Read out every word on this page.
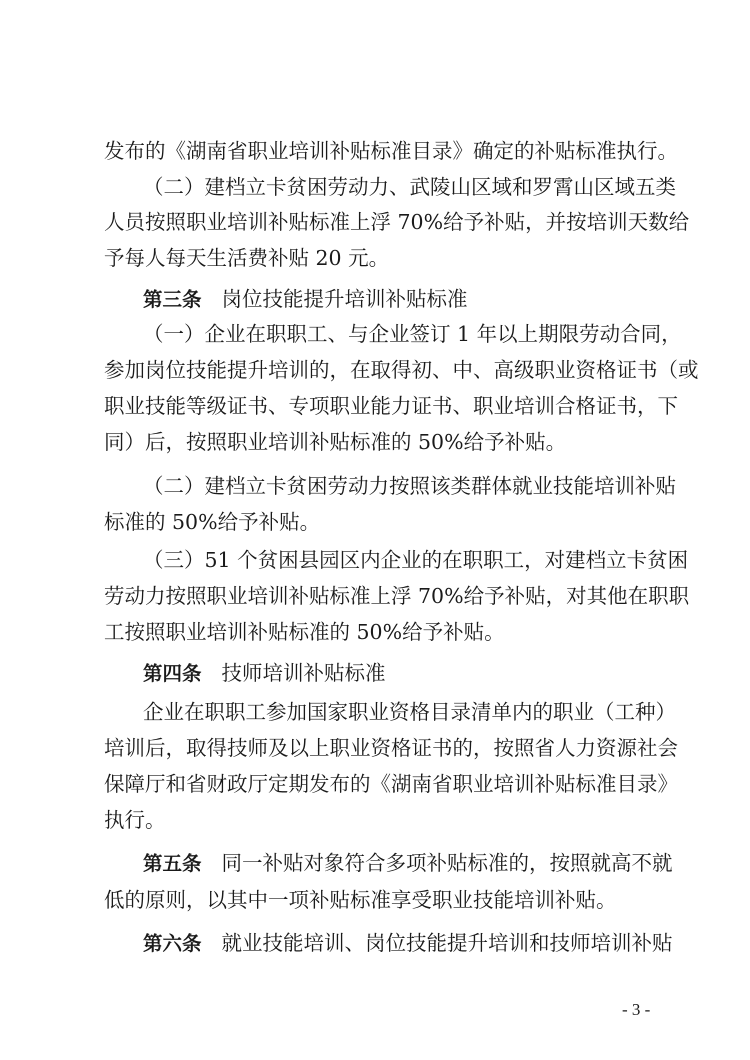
发布的《湖南省职业培训补贴标准目录》确定的补贴标准执行。
（二）建档立卡贫困劳动力、武陵山区域和罗霄山区域五类
人员按照职业培训补贴标准上浮 70%给予补贴，并按培训天数给
予每人每天生活费补贴 20 元。
第三条 岗位技能提升培训补贴标准
（一）企业在职职工、与企业签订 1 年以上期限劳动合同，
参加岗位技能提升培训的，在取得初、中、高级职业资格证书（或
职业技能等级证书、专项职业能力证书、职业培训合格证书，下
同）后，按照职业培训补贴标准的 50%给予补贴。
（二）建档立卡贫困劳动力按照该类群体就业技能培训补贴
标准的 50%给予补贴。
（三）51 个贫困县园区内企业的在职职工，对建档立卡贫困
劳动力按照职业培训补贴标准上浮 70%给予补贴，对其他在职职
工按照职业培训补贴标准的 50%给予补贴。
第四条 技师培训补贴标准
企业在职职工参加国家职业资格目录清单内的职业（工种）
培训后，取得技师及以上职业资格证书的，按照省人力资源社会
保障厅和省财政厅定期发布的《湖南省职业培训补贴标准目录》
执行。
第五条 同一补贴对象符合多项补贴标准的，按照就高不就
低的原则，以其中一项补贴标准享受职业技能培训补贴。
第六条 就业技能培训、岗位技能提升培训和技师培训补贴
- 3 -
